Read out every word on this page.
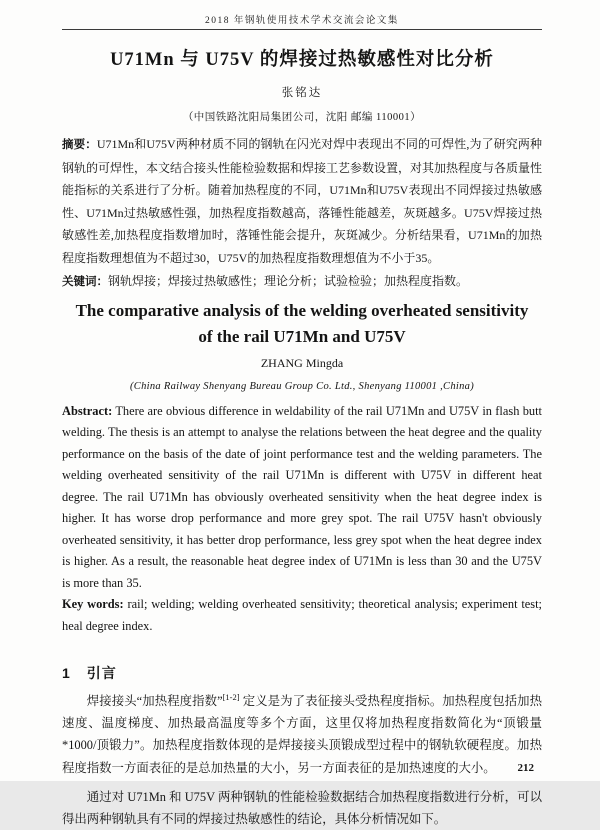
2018 年钢轨使用技术学术交流会论文集
U71Mn 与 U75V 的焊接过热敏感性对比分析
张铭达
（中国铁路沈阳局集团公司，沈阳 邮编 110001）
摘要：U71Mn和U75V两种材质不同的钢轨在闪光对焊中表现出不同的可焊性,为了研究两种钢轨的可焊性，本文结合接头性能检验数据和焊接工艺参数设置，对其加热程度与各质量性能指标的关系进行了分析。随着加热程度的不同，U71Mn和U75V表现出不同焊接过热敏感性、U71Mn过热敏感性强，加热程度指数越高，落锤性能越差，灰斑越多。U75V焊接过热敏感性差,加热程度指数增加时，落锤性能会提升，灰斑减少。分析结果看，U71Mn的加热程度指数理想值为不超过30，U75V的加热程度指数理想值为不小于35。
关键词：钢轨焊接；焊接过热敏感性；理论分析；试验检验；加热程度指数。
The comparative analysis of the welding overheated sensitivity
of the rail U71Mn and U75V
ZHANG Mingda
(China Railway Shenyang Bureau Group Co. Ltd., Shenyang 110001 ,China)
Abstract: There are obvious difference in weldability of the rail U71Mn and U75V in flash butt welding. The thesis is an attempt to analyse the relations between the heat degree and the quality performance on the basis of the date of joint performance test and the welding parameters. The welding overheated sensitivity of the rail U71Mn is different with U75V in different heat degree. The rail U71Mn has obviously overheated sensitivity when the heat degree index is higher. It has worse drop performance and more grey spot. The rail U75V hasn't obviously overheated sensitivity, it has better drop performance, less grey spot when the heat degree index is higher. As a result, the reasonable heat degree index of U71Mn is less than 30 and the U75V is more than 35.
Key words: rail; welding; welding overheated sensitivity; theoretical analysis; experiment test; heal degree index.
1 引言
焊接接头“加热程度指数”[1-2] 定义是为了表征接头受热程度指标。加热程度包括加热速度、温度梯度、加热最高温度等多个方面，这里仅将加热程度指数简化为“顶锻量*1000/顶锻力”。加热程度指数体现的是焊接接头顶锻成型过程中的钢轨软硬程度。加热程度指数一方面表征的是总加热量的大小，另一方面表征的是加热速度的大小。
通过对 U71Mn 和 U75V 两种钢轨的性能检验数据结合加热程度指数进行分析，可以得出两种钢轨具有不同的焊接过热敏感性的结论，具体分析情况如下。
212
